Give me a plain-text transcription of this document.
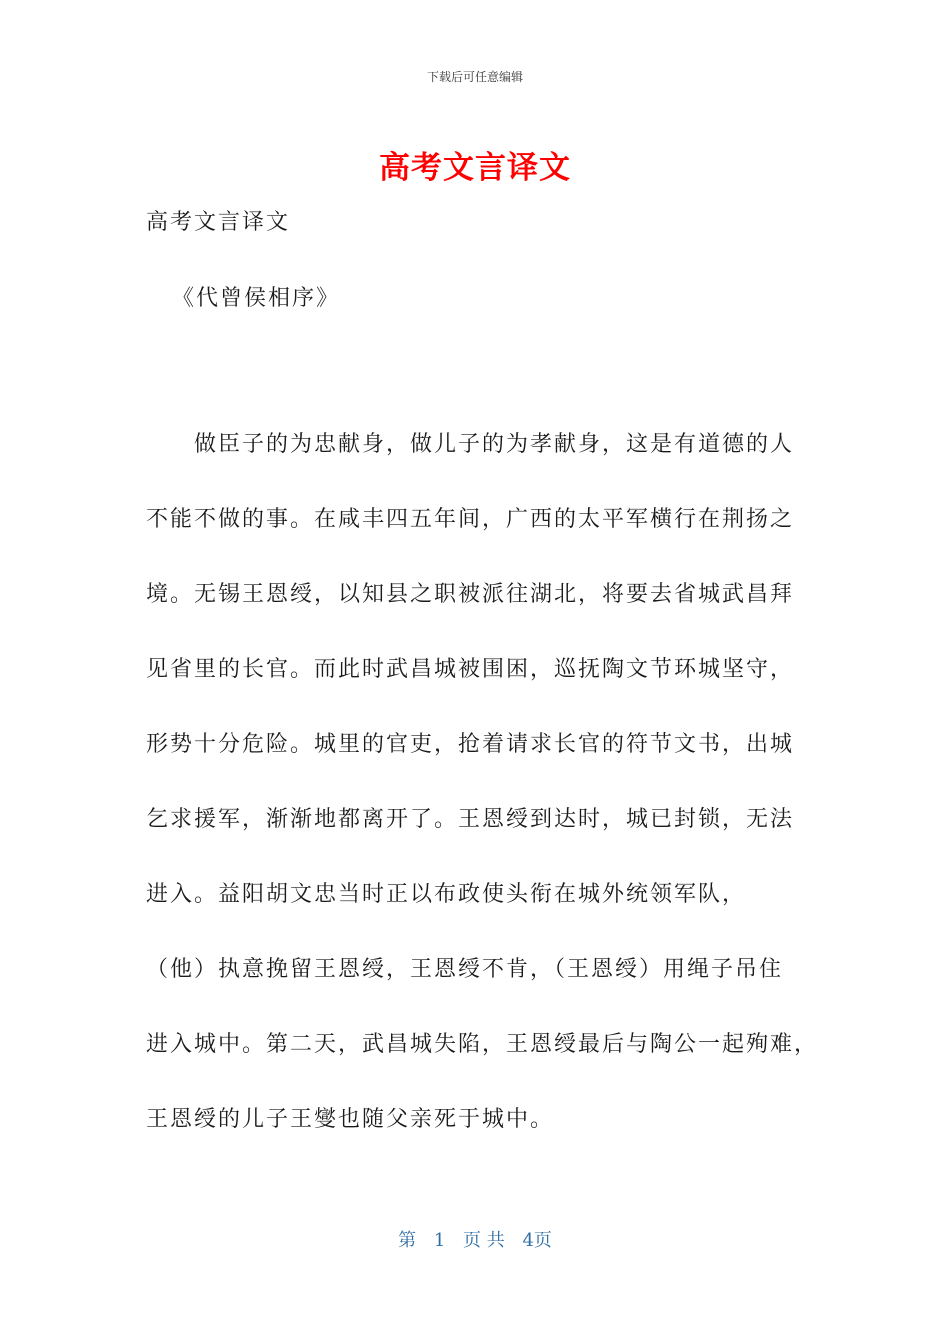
下载后可任意编辑
高考文言译文
高考文言译文
《代曾侯相序》
做臣子的为忠献身，做儿子的为孝献身，这是有道德的人
不能不做的事。在咸丰四五年间，广西的太平军横行在荆扬之
境。无锡王恩绶，以知县之职被派往湖北，将要去省城武昌拜
见省里的长官。而此时武昌城被围困，巡抚陶文节环城坚守，
形势十分危险。城里的官吏，抢着请求长官的符节文书，出城
乞求援军，渐渐地都离开了。王恩绶到达时，城已封锁，无法
进入。益阳胡文忠当时正以布政使头衔在城外统领军队，
（他）执意挽留王恩绶，王恩绶不肯，（王恩绶）用绳子吊住
进入城中。第二天，武昌城失陷，王恩绶最后与陶公一起殉难，
王恩绶的儿子王燮也随父亲死于城中。
第 1 页 共 4页
